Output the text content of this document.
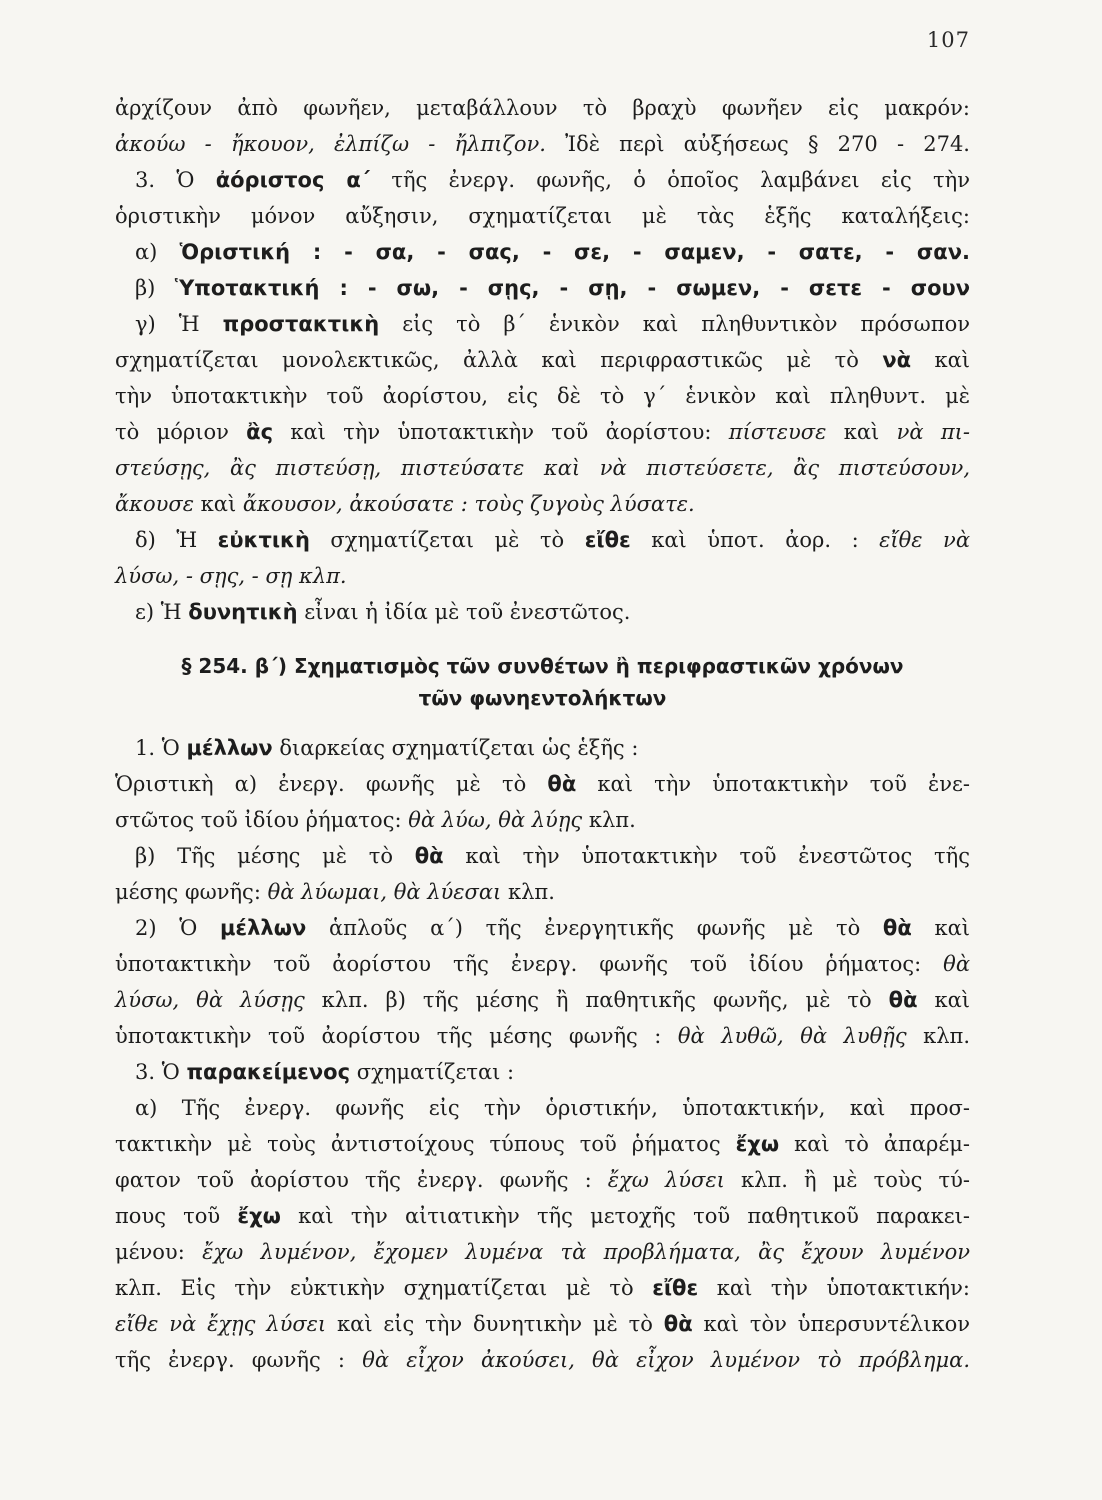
107
ἀρχίζουν ἀπὸ φωνῆεν, μεταβάλλουν τὸ βραχὺ φωνῆεν εἰς μακρόν:
ἀκούω - ἤκουον, ἐλπίζω - ἤλπιζον. Ἰδὲ περὶ αὐξήσεως § 270 - 274.
3. Ὁ ἀόριστος α΄ τῆς ἐνεργ. φωνῆς, ὁ ὁποῖος λαμβάνει εἰς τὴν
ὁριστικὴν μόνον αὔξησιν, σχηματίζεται μὲ τὰς ἑξῆς καταλήξεις:
α) Ὁριστική : - σα, - σας, - σε, - σαμεν, - σατε, - σαν.
β) Ὑποτακτική : - σω, - σῃς, - σῃ, - σωμεν, - σετε - σουν
γ) Ἡ προστακτικὴ εἰς τὸ β΄ ἑνικὸν καὶ πληθυντικὸν πρόσωπον
σχηματίζεται μονολεκτικῶς, ἀλλὰ καὶ περιφραστικῶς μὲ τὸ νὰ καὶ
τὴν ὑποτακτικὴν τοῦ ἀορίστου, εἰς δὲ τὸ γ΄ ἑνικὸν καὶ πληθυντ. μὲ
τὸ μόριον ἂς καὶ τὴν ὑποτακτικὴν τοῦ ἀορίστου: πίστευσε καὶ νὰ πι-
στεύσῃς, ἂς πιστεύσῃ, πιστεύσατε καὶ νὰ πιστεύσετε, ἂς πιστεύσουν,
ἄκουσε καὶ ἄκουσον, ἀκούσατε : τοὺς ζυγοὺς λύσατε.
δ) Ἡ εὐκτικὴ σχηματίζεται μὲ τὸ εἴθε καὶ ὑποτ. ἀορ. : εἴθε νὰ
λύσω, - σῃς, - σῃ κλπ.
ε) Ἡ δυνητικὴ εἶναι ἡ ἰδία μὲ τοῦ ἐνεστῶτος.
§ 254. β΄) Σχηματισμὸς τῶν συνθέτων ἢ περιφραστικῶν χρόνων
τῶν φωνηεντολήκτων
1. Ὁ μέλλων διαρκείας σχηματίζεται ὡς ἑξῆς :
Ὁριστικὴ α) ἐνεργ. φωνῆς μὲ τὸ θὰ καὶ τὴν ὑποτακτικὴν τοῦ ἐνε-
στῶτος τοῦ ἰδίου ῥήματος: θὰ λύω, θὰ λύῃς κλπ.
β) Τῆς μέσης μὲ τὸ θὰ καὶ τὴν ὑποτακτικὴν τοῦ ἐνεστῶτος τῆς
μέσης φωνῆς: θὰ λύωμαι, θὰ λύεσαι κλπ.
2) Ὁ μέλλων ἁπλοῦς α΄) τῆς ἐνεργητικῆς φωνῆς μὲ τὸ θὰ καὶ
ὑποτακτικὴν τοῦ ἀορίστου τῆς ἐνεργ. φωνῆς τοῦ ἰδίου ῥήματος: θὰ
λύσω, θὰ λύσῃς κλπ. β) τῆς μέσης ἢ παθητικῆς φωνῆς, μὲ τὸ θὰ καὶ
ὑποτακτικὴν τοῦ ἀορίστου τῆς μέσης φωνῆς : θὰ λυθῶ, θὰ λυθῇς κλπ.
3. Ὁ παρακείμενος σχηματίζεται :
α) Τῆς ἐνεργ. φωνῆς εἰς τὴν ὁριστικήν, ὑποτακτικήν, καὶ προσ-
τακτικὴν μὲ τοὺς ἀντιστοίχους τύπους τοῦ ῥήματος ἔχω καὶ τὸ ἀπαρέμ-
φατον τοῦ ἀορίστου τῆς ἐνεργ. φωνῆς : ἔχω λύσει κλπ. ἢ μὲ τοὺς τύ-
πους τοῦ ἔχω καὶ τὴν αἰτιατικὴν τῆς μετοχῆς τοῦ παθητικοῦ παρακει-
μένου: ἔχω λυμένον, ἔχομεν λυμένα τὰ προβλήματα, ἂς ἔχουν λυμένον
κλπ. Εἰς τὴν εὐκτικὴν σχηματίζεται μὲ τὸ εἴθε καὶ τὴν ὑποτακτικήν:
εἴθε νὰ ἔχῃς λύσει καὶ εἰς τὴν δυνητικὴν μὲ τὸ θὰ καὶ τὸν ὑπερσυντέλικον
τῆς ἐνεργ. φωνῆς : θὰ εἶχον ἀκούσει, θὰ εἶχον λυμένον τὸ πρόβλημα.
